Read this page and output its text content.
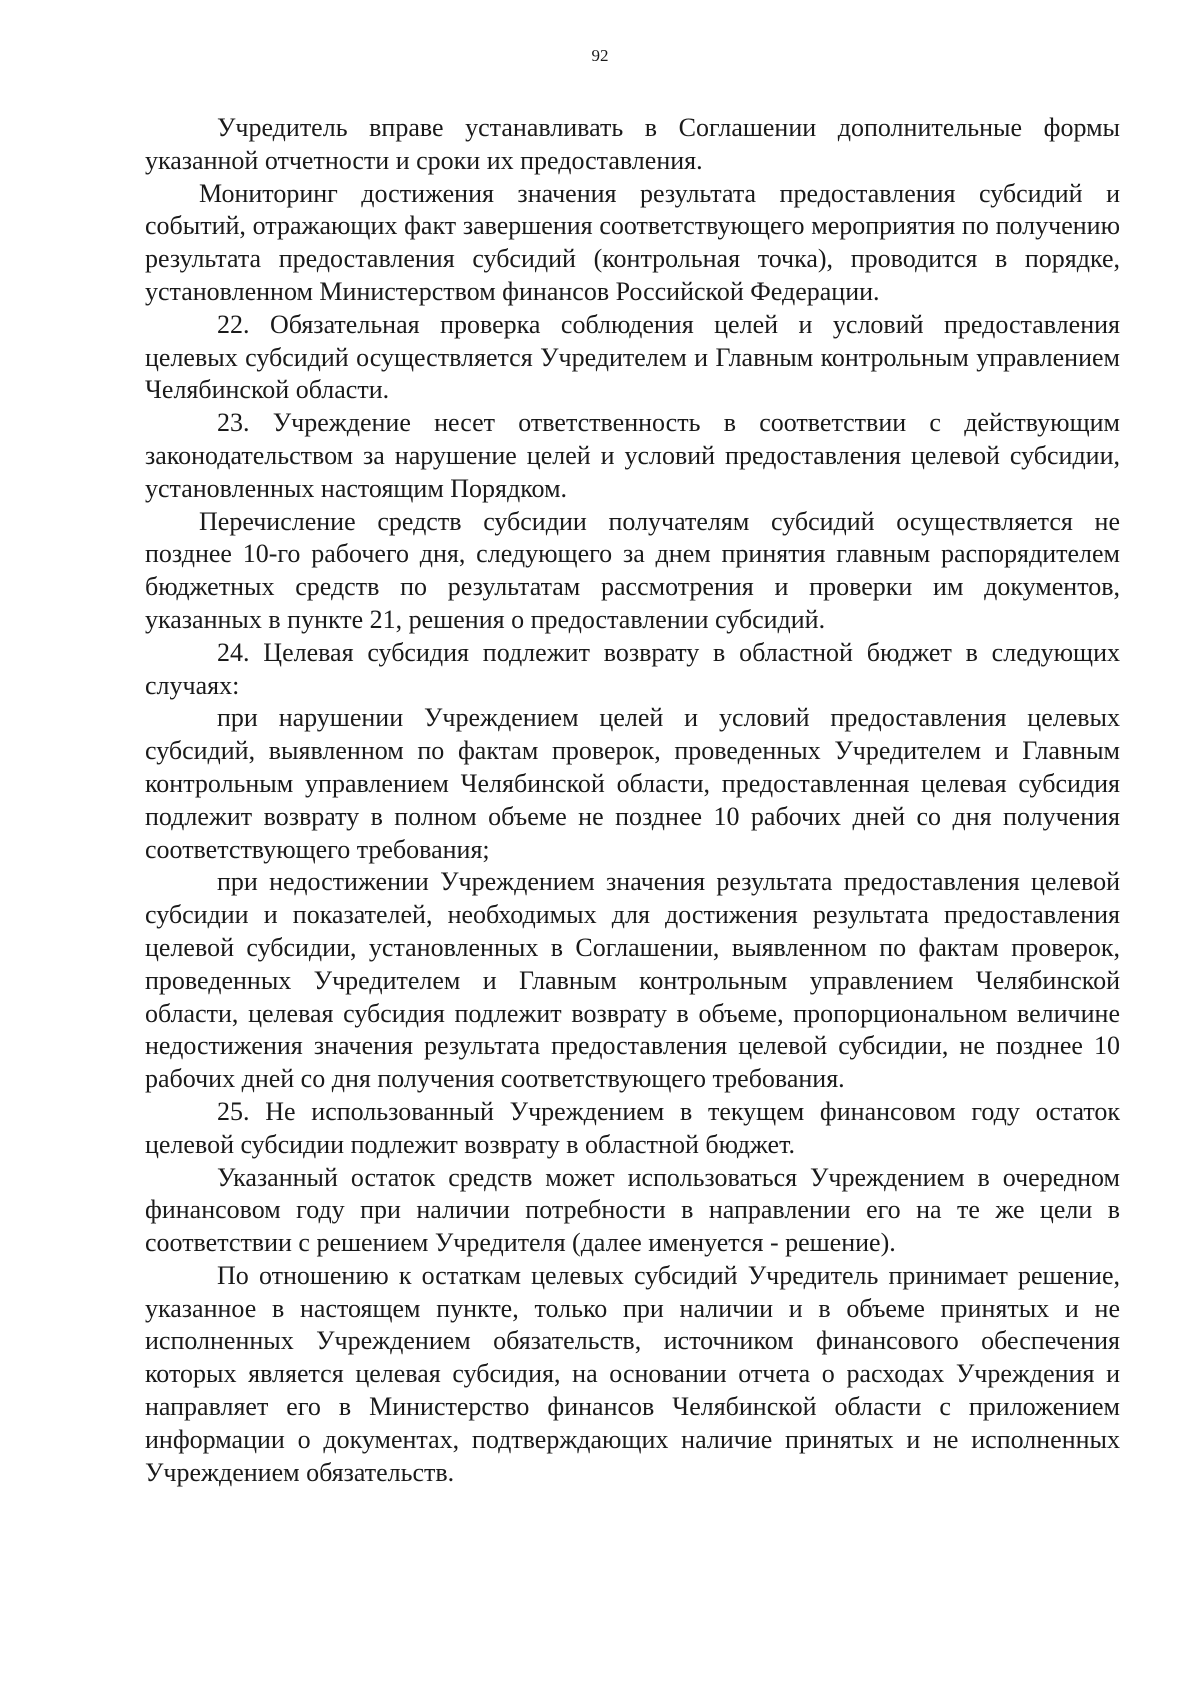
92

Учредитель вправе устанавливать в Соглашении дополнительные формы указанной отчетности и сроки их предоставления.

Мониторинг достижения значения результата предоставления субсидий и событий, отражающих факт завершения соответствующего мероприятия по получению результата предоставления субсидий (контрольная точка), проводится в порядке, установленном Министерством финансов Российской Федерации.

22. Обязательная проверка соблюдения целей и условий предоставления целевых субсидий осуществляется Учредителем и Главным контрольным управлением Челябинской области.

23. Учреждение несет ответственность в соответствии с действующим законодательством за нарушение целей и условий предоставления целевой субсидии, установленных настоящим Порядком.

Перечисление средств субсидии получателям субсидий осуществляется не позднее 10-го рабочего дня, следующего за днем принятия главным распорядителем бюджетных средств по результатам рассмотрения и проверки им документов, указанных в пункте 21, решения о предоставлении субсидий.

24. Целевая субсидия подлежит возврату в областной бюджет в следующих случаях:

при нарушении Учреждением целей и условий предоставления целевых субсидий, выявленном по фактам проверок, проведенных Учредителем и Главным контрольным управлением Челябинской области, предоставленная целевая субсидия подлежит возврату в полном объеме не позднее 10 рабочих дней со дня получения соответствующего требования;

при недостижении Учреждением значения результата предоставления целевой субсидии и показателей, необходимых для достижения результата предоставления целевой субсидии, установленных в Соглашении, выявленном по фактам проверок, проведенных Учредителем и Главным контрольным управлением Челябинской области, целевая субсидия подлежит возврату в объеме, пропорциональном величине недостижения значения результата предоставления целевой субсидии, не позднее 10 рабочих дней со дня получения соответствующего требования.

25. Не использованный Учреждением в текущем финансовом году остаток целевой субсидии подлежит возврату в областной бюджет.

Указанный остаток средств может использоваться Учреждением в очередном финансовом году при наличии потребности в направлении его на те же цели в соответствии с решением Учредителя (далее именуется - решение).

По отношению к остаткам целевых субсидий Учредитель принимает решение, указанное в настоящем пункте, только при наличии и в объеме принятых и не исполненных Учреждением обязательств, источником финансового обеспечения которых является целевая субсидия, на основании отчета о расходах Учреждения и направляет его в Министерство финансов Челябинской области с приложением информации о документах, подтверждающих наличие принятых и не исполненных Учреждением обязательств.
